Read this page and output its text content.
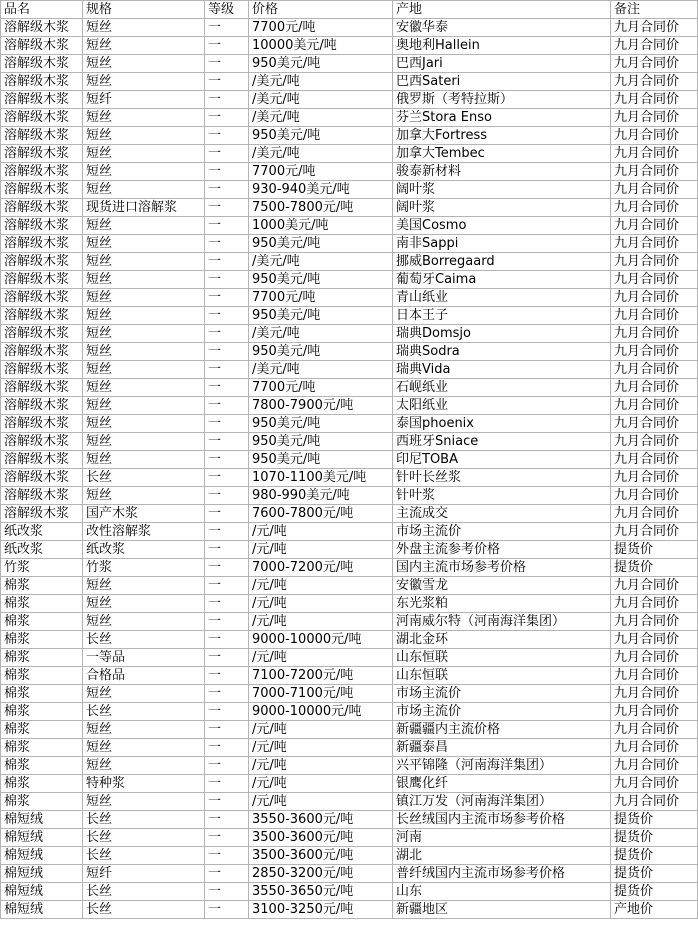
品名	规格	等级	价格	产地	备注
溶解级木浆	短丝	一	7700元/吨	安徽华泰	九月合同价
溶解级木浆	短丝	一	10000美元/吨	奥地利Hallein	九月合同价
溶解级木浆	短丝	一	950美元/吨	巴西Jari	九月合同价
溶解级木浆	短丝	一	/美元/吨	巴西Sateri	九月合同价
溶解级木浆	短纤	一	/美元/吨	俄罗斯（考特拉斯）	九月合同价
溶解级木浆	短丝	一	/美元/吨	芬兰Stora Enso	九月合同价
溶解级木浆	短丝	一	950美元/吨	加拿大Fortress	九月合同价
溶解级木浆	短丝	一	/美元/吨	加拿大Tembec	九月合同价
溶解级木浆	短丝	一	7700元/吨	骏泰新材料	九月合同价
溶解级木浆	短丝	一	930-940美元/吨	阔叶浆	九月合同价
溶解级木浆	现货进口溶解浆	一	7500-7800元/吨	阔叶浆	九月合同价
溶解级木浆	短丝	一	1000美元/吨	美国Cosmo	九月合同价
溶解级木浆	短丝	一	950美元/吨	南非Sappi	九月合同价
溶解级木浆	短丝	一	/美元/吨	挪威Borregaard	九月合同价
溶解级木浆	短丝	一	950美元/吨	葡萄牙Caima	九月合同价
溶解级木浆	短丝	一	7700元/吨	青山纸业	九月合同价
溶解级木浆	短丝	一	950美元/吨	日本王子	九月合同价
溶解级木浆	短丝	一	/美元/吨	瑞典Domsjo	九月合同价
溶解级木浆	短丝	一	950美元/吨	瑞典Sodra	九月合同价
溶解级木浆	短丝	一	/美元/吨	瑞典Vida	九月合同价
溶解级木浆	短丝	一	7700元/吨	石岘纸业	九月合同价
溶解级木浆	短丝	一	7800-7900元/吨	太阳纸业	九月合同价
溶解级木浆	短丝	一	950美元/吨	泰国phoenix	九月合同价
溶解级木浆	短丝	一	950美元/吨	西班牙Sniace	九月合同价
溶解级木浆	短丝	一	950美元/吨	印尼TOBA	九月合同价
溶解级木浆	长丝	一	1070-1100美元/吨	针叶长丝浆	九月合同价
溶解级木浆	短丝	一	980-990美元/吨	针叶浆	九月合同价
溶解级木浆	国产木浆	一	7600-7800元/吨	主流成交	九月合同价
纸改浆	改性溶解浆	一	/元/吨	市场主流价	九月合同价
纸改浆	纸改浆	一	/元/吨	外盘主流参考价格	提货价
竹浆	竹浆	一	7000-7200元/吨	国内主流市场参考价格	提货价
棉浆	短丝	一	/元/吨	安徽雪龙	九月合同价
棉浆	短丝	一	/元/吨	东光浆粕	九月合同价
棉浆	短丝	一	/元/吨	河南威尔特（河南海洋集团）	九月合同价
棉浆	长丝	一	9000-10000元/吨	湖北金环	九月合同价
棉浆	一等品	一	/元/吨	山东恒联	九月合同价
棉浆	合格品	一	7100-7200元/吨	山东恒联	九月合同价
棉浆	短丝	一	7000-7100元/吨	市场主流价	九月合同价
棉浆	长丝	一	9000-10000元/吨	市场主流价	九月合同价
棉浆	短丝	一	/元/吨	新疆疆内主流价格	九月合同价
棉浆	短丝	一	/元/吨	新疆泰昌	九月合同价
棉浆	短丝	一	/元/吨	兴平锦隆（河南海洋集团）	九月合同价
棉浆	特种浆	一	/元/吨	银鹰化纤	九月合同价
棉浆	短丝	一	/元/吨	镇江万发（河南海洋集团）	九月合同价
棉短绒	长丝	一	3550-3600元/吨	长丝绒国内主流市场参考价格	提货价
棉短绒	长丝	一	3500-3600元/吨	河南	提货价
棉短绒	长丝	一	3500-3600元/吨	湖北	提货价
棉短绒	短纤	一	2850-3200元/吨	普纤绒国内主流市场参考价格	提货价
棉短绒	长丝	一	3550-3650元/吨	山东	提货价
棉短绒	长丝	一	3100-3250元/吨	新疆地区	产地价
